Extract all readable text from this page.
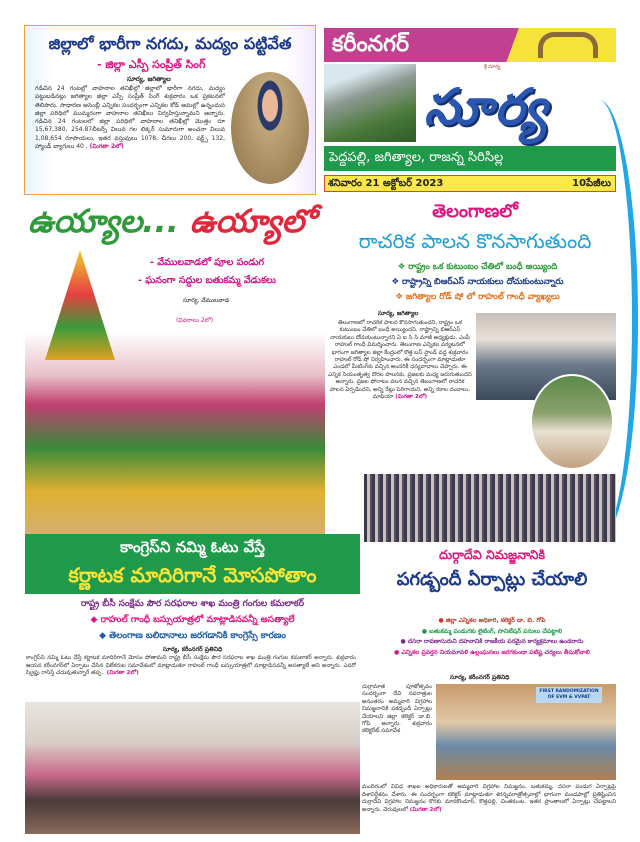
జిల్లాలో భారీగా నగదు, మద్యం పట్టివేత
- జిల్లా ఎస్పీ సంప్రీత్ సింగ్
సూర్య, జగిత్యాల
గడిచిన 24 గంటల్లో వాహనాల తనిఖీల్లో జిల్లాలో భారీగా నగదు, మద్యం పట్టుబడినట్లు జగిత్యాల జిల్లా ఎస్పీ సంప్రీత్ సింగ్ శుక్రవారం ఒక ప్రకటనలో తెలిపారు. సాధారణ అసెంబ్లీ ఎన్నికల సందర్భంగా ఎన్నికల కోడ్ అమల్లో ఉన్నందున జిల్లా పరిధిలో ముమ్మరంగా వాహనాల తనిఖీలు నిర్వహిస్తున్నామని అన్నారు. గడిచిన 24 గంటలలో జిల్లా పరిధిలో వాహనాల తనిఖీల్లో మొత్తం రూ 15,67,380, 254.87లీటర్స్ విలువ గల లిక్కర్ సుమారుగా అంచనా విలువ 1,08,654 రూపాయలు, ఇతర వస్తువులు 1078, చీరలు 200, షర్ట్స్ 132, హ్యాండ్ బ్యాగులు 40 , (మిగతా 2లో)
కరీంనగర్
శ్రీ సూర్య
సూర్య
పెద్దపల్లి, జగిత్యాల, రాజన్న సిరిసిల్ల
శనివారం 21 అక్టోబర్ 2023	10పేజీలు
ఉయ్యాల... ఉయ్యాలో
- వేములవాడలో పూల పండుగ
- ఘనంగా సద్దుల బతుకమ్మ వేడుకలు
సూర్య, వేములవాడ
(వివరాలు 2లో)
తెలంగాణలో
రాచరిక పాలన కొనసాగుతుంది
❖ రాష్ట్రం ఒక కుటుంబం చేతిలో బంధీ అయ్యింది
❖ రాష్ట్రాన్ని బిఆర్ఎస్ నాయకులు దోచుకుంటున్నారు
❖ జగిత్యాల రోడ్ షో లో రాహుల్ గాంధీ వ్యాఖ్యలు
సూర్య, జగిత్యాల
తెలంగాణలో రాచరిక పాలన కొనసాగుతుందని, రాష్ట్రం ఒక కుటుంబం చేతిలో బంధీ అయ్యిందని, రాష్ట్రాన్ని బిఆర్ఎస్ నాయకులు దోచుకుంటున్నారని ఏ ఐ సి సి మాజీ అధ్యక్షుడు, ఎంపీ రాహుల్ గాంధీ విమర్శించారు. తెలంగాణ ఎన్నికల పర్యటనలో భాగంగా జగిత్యాల జిల్లా కేంద్రంలో కొత్త బస్ స్టాండ్ వద్ద శుక్రవారం రాహుల్ రోడ్ షో నిర్వహించారు. ఈ సందర్భంగా మాట్లాడుతూ ఎండలో మీటింగ్‌కు వచ్చిన అందరికీ ధన్యవాదాలు చెప్పారు. ఈ ఎన్నిక సియంతృత్వ దొరల పాలనకు, ప్రజలకు మధ్య జరుగుతుందని అన్నారు. ప్రజల పోరాటం వలన వచ్చిన తెలంగాణలో రాచరిక పాలన ఏర్పడిందని, అన్ని రేట్లు పెరిగాయని, అన్ని రకాల దందాలు, మాఫియా (మిగతా 2లో)
కాంగ్రెస్‌ని నమ్మి ఓటు వేస్తే
కర్ణాటక మాదిరిగానే మోసపోతాం
రాష్ట్ర బీసీ సంక్షేమ పౌర సరఫరాల శాఖ మంత్రి గంగుల కమలాకర్
◆ రాహుల్ గాంధీ బస్సుయాత్రలో మాట్లాడినవన్నీ అసత్యాలే
◆ తెలంగాణ బలిదానాలు జరగడానికి కాంగ్రెస్సే కారణం
సూర్య, కరీంనగర్ ప్రతినిధి
కాంగ్రెస్‌ని నమ్మి ఓటు వేస్తే కర్ణాటక మాదిరిగానే మోసం పోతామని రాష్ట్ర బీసీ సంక్షేమ పౌర సరఫరాల శాఖ మంత్రి గంగుల కమలాకర్ అన్నారు. శుక్రవారం ఆయన కరీంనగర్‌లో ఏర్పాటు చేసిన విలేకరుల సమావేశంలో మాట్లాడుతూ రాహుల్ గాంధీ బస్సుయాత్రలో మాట్లాడినవన్నీ అసత్యాలే అని అన్నారు. ఎవరో స్క్రిప్టు రాసిస్తే చదువుతున్నారే తప్ప.. (మిగతా 2లో)
దుర్గాదేవి నిమజ్జనానికి
పగడ్బందీ ఏర్పాట్లు చేయాలి
● జిల్లా ఎన్నికల అధికారి, కలెక్టర్ డా. బి. గోపి
● బతుకమ్మ పండుగకు లైటింగ్, సానిటేషన్ పనులు చేపట్టాలి
● దసరా రావణాసురుని దహనానికి రాజకీయ పరమైన కార్యక్రమాలు ఉండరాదు
● ఎన్నికల ప్రవర్తన నియమావళి ఉల్లంఘనలు జరగకుండా పటిష్ట చర్యలు తీసుకోవాలి
సూర్య, కరీంనగర్ ప్రతినిధి
దుర్గామాత పూజోత్సవం సందర్భంగా దేవి నవరాత్రుల అనంతరం అమ్మవారి విగ్రహాల నిమజ్జనానికి పకడ్బందీ ఏర్పాట్లు చేయాలని జిల్లా కలెక్టర్ డా.బి. గోపి అన్నారు. శుక్రవారం కలెక్టరేట్ సమావేశ
FIRST RANDOMIZATION OF EVM & VVPAT
మందిరంలో వివిధ శాఖల అధికారులతో అమ్మవారి విగ్రహాల నిమజ్జనం, బతుకమ్మ, దసరా పండుగ ఏర్పాట్లపై దిశానిర్దేశనం చేశారు. ఈ సందర్భంగా కలెక్టర్ మాట్లాడుతూ శరన్నవరాత్రోత్సవాల్లో భాగంగా మండపాల్లో ప్రతిష్టించిన దుర్గాదేవి విగ్రహాల నిమజ్జనం కొరకు మానకొండూర్, కొత్తపల్లి, చింతకుంట, ఇతర ప్రాంతాలలో ఏర్పాట్లు చేపట్టాలని అన్నారు. చెరువులలో (మిగతా 2లో)
